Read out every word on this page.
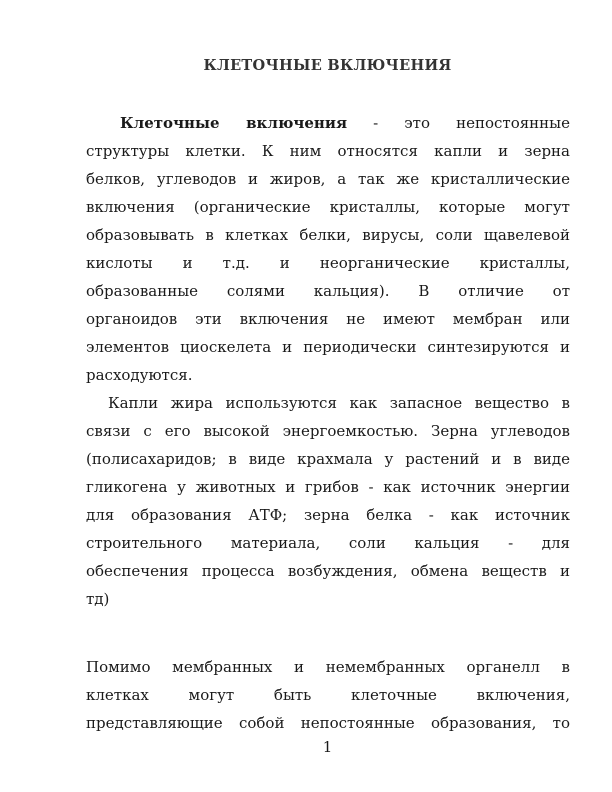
КЛЕТОЧНЫЕ ВКЛЮЧЕНИЯ
Клеточные включения - это непостоянные
структуры клетки. К ним относятся капли и зерна
белков, углеводов и жиров, а так же кристаллические
включения (органические кристаллы, которые могут
образовывать в клетках белки, вирусы, соли щавелевой
кислоты и т.д. и неорганические кристаллы,
образованные солями кальция). В отличие от
органоидов эти включения не имеют мембран или
элементов циоскелета и периодически синтезируются и
расходуются.
Капли жира используются как запасное вещество в
связи с его высокой энергоемкостью. Зерна углеводов
(полисахаридов; в виде крахмала у растений и в виде
гликогена у животных и грибов - как источник энергии
для образования АТФ; зерна белка - как источник
строительного материала, соли кальция - для
обеспечения процесса возбуждения, обмена веществ и
тд)
Помимо мембранных и немембранных органелл в
клетках могут быть клеточные включения,
представляющие собой непостоянные образования, то
1
